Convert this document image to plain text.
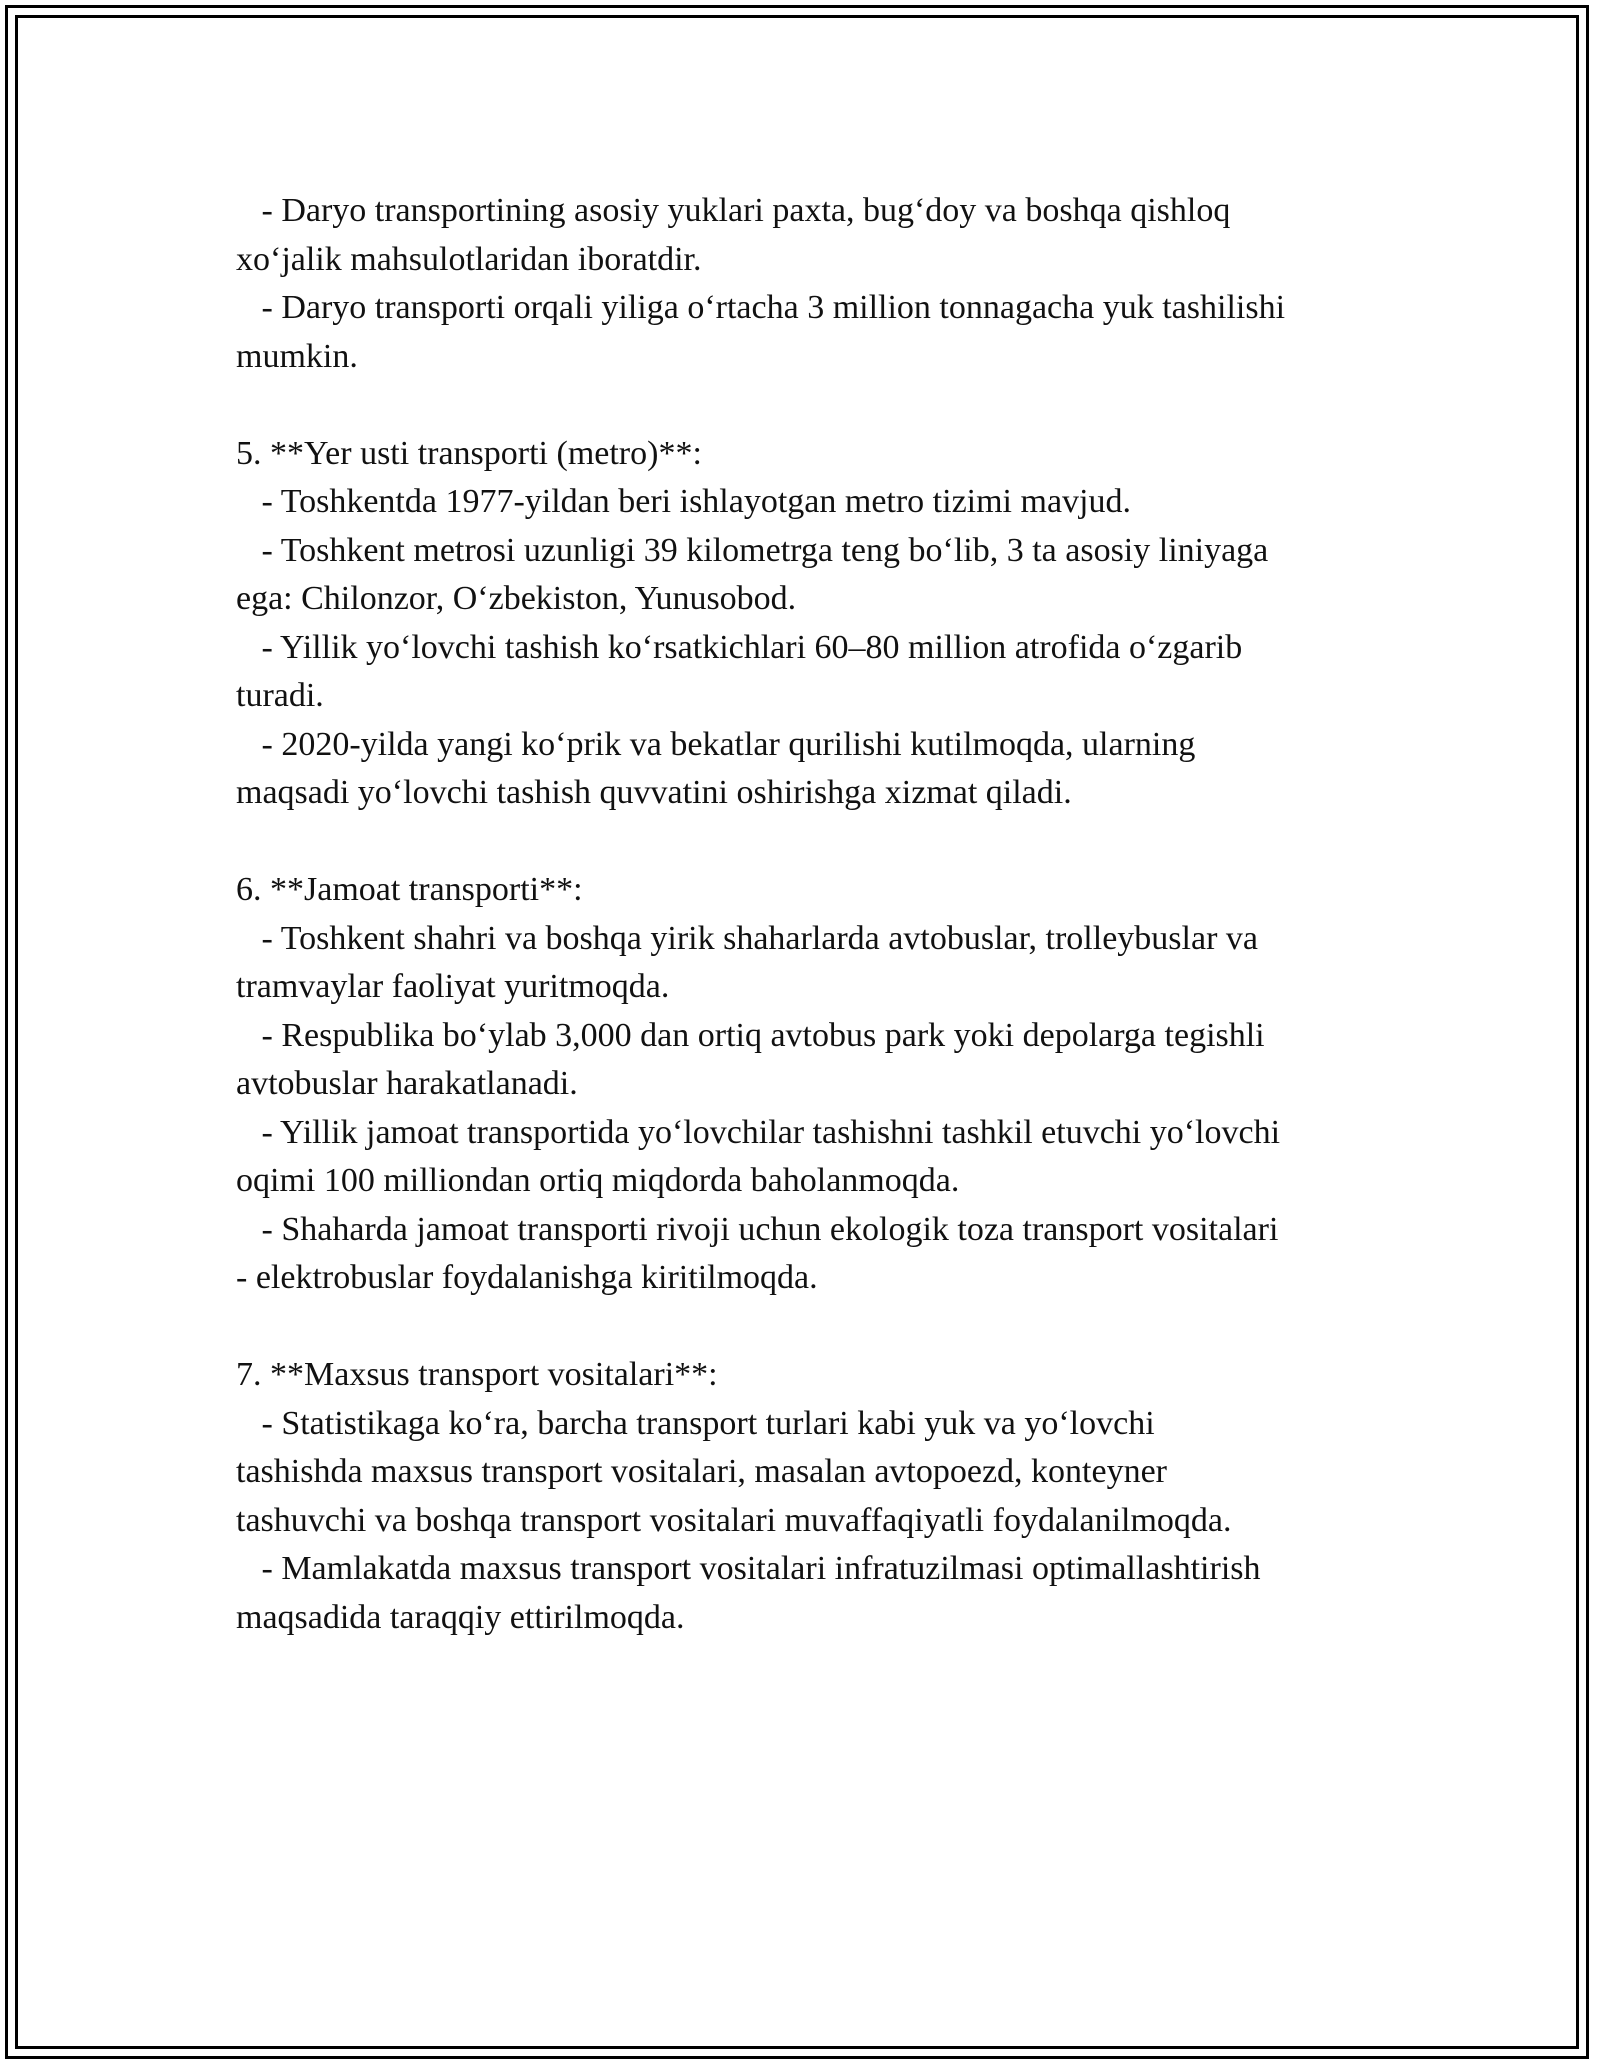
- Daryo transportining asosiy yuklari paxta, bug‘doy va boshqa qishloq
xo‘jalik mahsulotlaridan iboratdir.
- Daryo transporti orqali yiliga o‘rtacha 3 million tonnagacha yuk tashilishi
mumkin.
5. **Yer usti transporti (metro)**:
- Toshkentda 1977-yildan beri ishlayotgan metro tizimi mavjud.
- Toshkent metrosi uzunligi 39 kilometrga teng bo‘lib, 3 ta asosiy liniyaga
ega: Chilonzor, O‘zbekiston, Yunusobod.
- Yillik yo‘lovchi tashish ko‘rsatkichlari 60–80 million atrofida o‘zgarib
turadi.
- 2020-yilda yangi ko‘prik va bekatlar qurilishi kutilmoqda, ularning
maqsadi yo‘lovchi tashish quvvatini oshirishga xizmat qiladi.
6. **Jamoat transporti**:
- Toshkent shahri va boshqa yirik shaharlarda avtobuslar, trolleybuslar va
tramvaylar faoliyat yuritmoqda.
- Respublika bo‘ylab 3,000 dan ortiq avtobus park yoki depolarga tegishli
avtobuslar harakatlanadi.
- Yillik jamoat transportida yo‘lovchilar tashishni tashkil etuvchi yo‘lovchi
oqimi 100 milliondan ortiq miqdorda baholanmoqda.
- Shaharda jamoat transporti rivoji uchun ekologik toza transport vositalari
- elektrobuslar foydalanishga kiritilmoqda.
7. **Maxsus transport vositalari**:
- Statistikaga ko‘ra, barcha transport turlari kabi yuk va yo‘lovchi
tashishda maxsus transport vositalari, masalan avtopoezd, konteyner
tashuvchi va boshqa transport vositalari muvaffaqiyatli foydalanilmoqda.
- Mamlakatda maxsus transport vositalari infratuzilmasi optimallashtirish
maqsadida taraqqiy ettirilmoqda.
